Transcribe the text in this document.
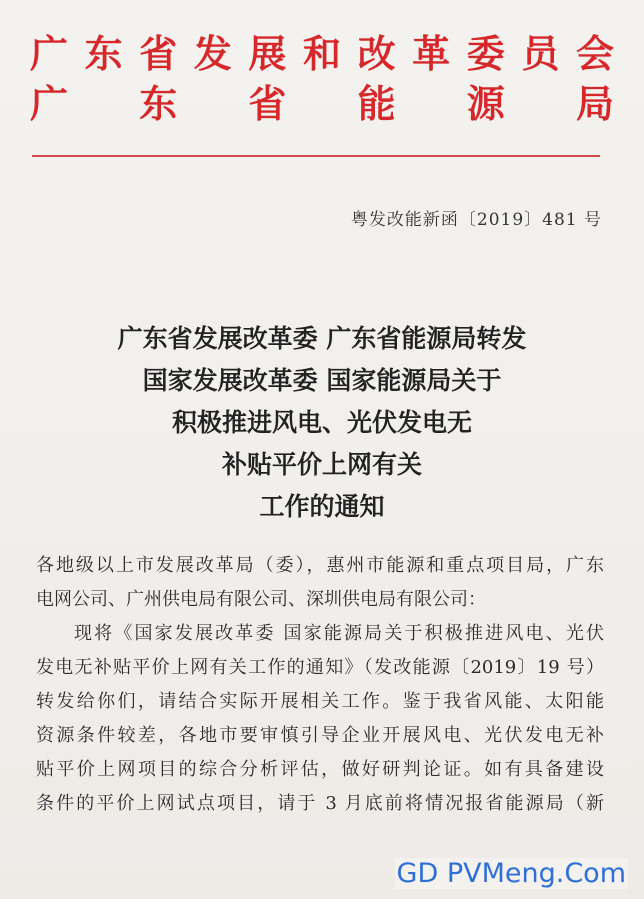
广 东 省 发 展 和 改 革 委 员 会
广 东 省 能 源 局
粤发改能新函〔2019〕481 号
广东省发展改革委 广东省能源局转发
国家发展改革委 国家能源局关于
积极推进风电、光伏发电无
补贴平价上网有关
工作的通知

各地级以上市发展改革局（委），惠州市能源和重点项目局，广东
电网公司、广州供电局有限公司、深圳供电局有限公司：

现将《国家发展改革委 国家能源局关于积极推进风电、光伏
发电无补贴平价上网有关工作的通知》（发改能源〔2019〕19 号）
转发给你们，请结合实际开展相关工作。鉴于我省风能、太阳能
资源条件较差，各地市要审慎引导企业开展风电、光伏发电无补
贴平价上网项目的综合分析评估，做好研判论证。如有具备建设
条件的平价上网试点项目，请于 3 月底前将情况报省能源局（新

GD PVMeng.Com
